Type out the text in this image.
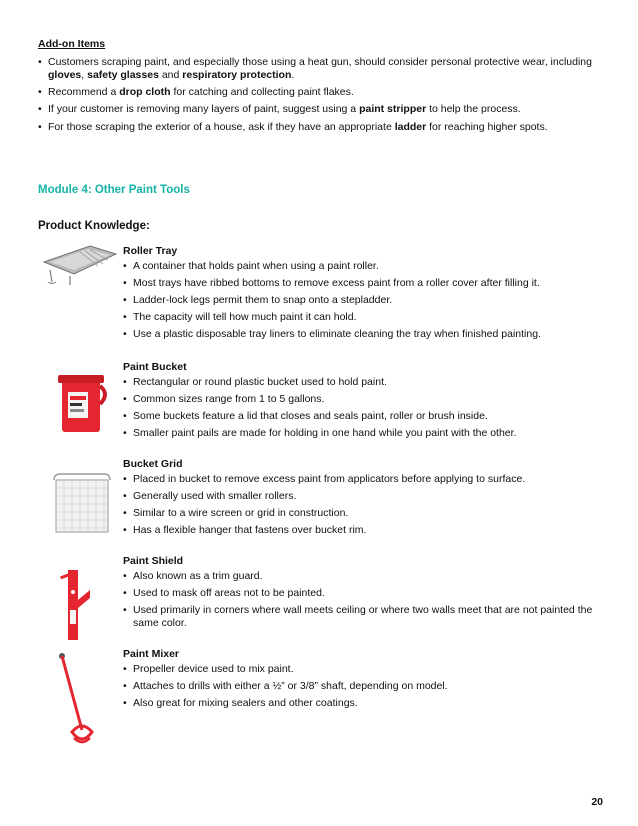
Add-on Items
• Customers scraping paint, and especially those using a heat gun, should consider personal protective wear, including gloves, safety glasses and respiratory protection.
• Recommend a drop cloth for catching and collecting paint flakes.
• If your customer is removing many layers of paint, suggest using a paint stripper to help the process.
• For those scraping the exterior of a house, ask if they have an appropriate ladder for reaching higher spots.
Module 4: Other Paint Tools
Product Knowledge:
Roller Tray
• A container that holds paint when using a paint roller.
• Most trays have ribbed bottoms to remove excess paint from a roller cover after filling it.
• Ladder-lock legs permit them to snap onto a stepladder.
• The capacity will tell how much paint it can hold.
• Use a plastic disposable tray liners to eliminate cleaning the tray when finished painting.
Paint Bucket
• Rectangular or round plastic bucket used to hold paint.
• Common sizes range from 1 to 5 gallons.
• Some buckets feature a lid that closes and seals paint, roller or brush inside.
• Smaller paint pails are made for holding in one hand while you paint with the other.
Bucket Grid
• Placed in bucket to remove excess paint from applicators before applying to surface.
• Generally used with smaller rollers.
• Similar to a wire screen or grid in construction.
• Has a flexible hanger that fastens over bucket rim.
Paint Shield
• Also known as a trim guard.
• Used to mask off areas not to be painted.
• Used primarily in corners where wall meets ceiling or where two walls meet that are not painted the same color.
Paint Mixer
• Propeller device used to mix paint.
• Attaches to drills with either a ½” or 3/8” shaft, depending on model.
• Also great for mixing sealers and other coatings.
20
